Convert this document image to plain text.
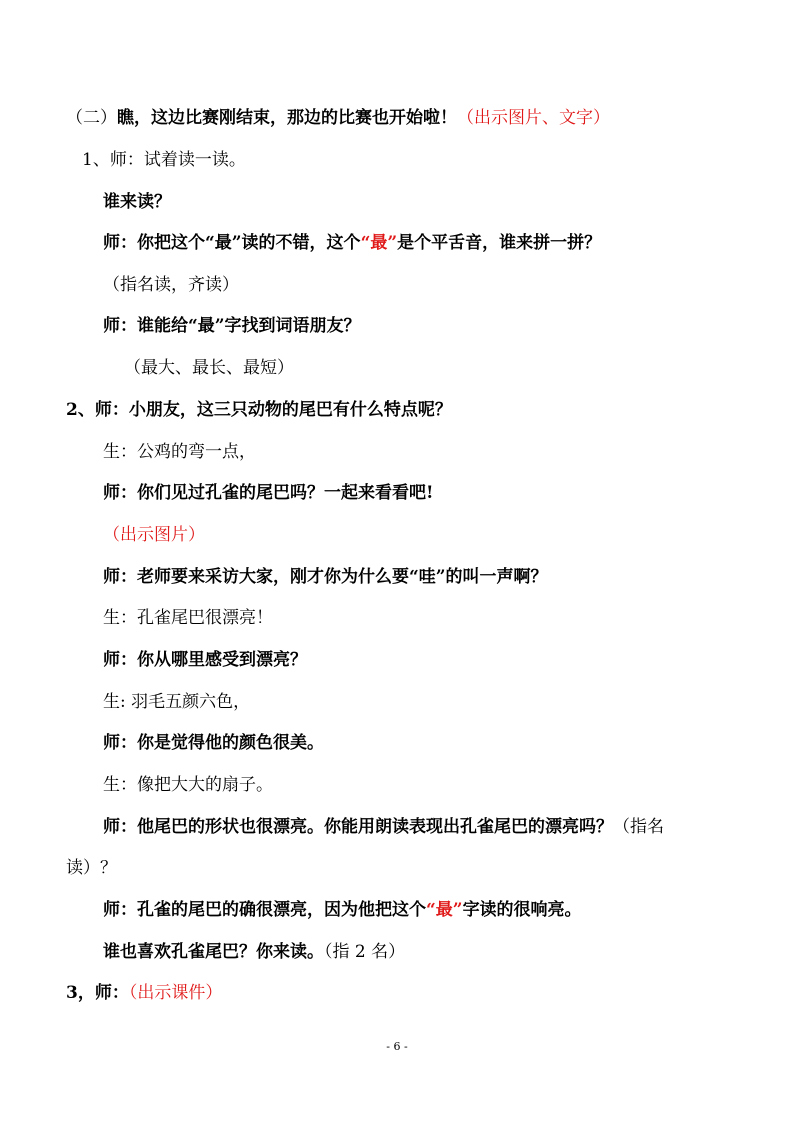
（二）瞧，这边比赛刚结束，那边的比赛也开始啦！（出示图片、文字）
1、师：试着读一读。
谁来读？
师：你把这个“最”读的不错，这个“最”是个平舌音，谁来拼一拼？
（指名读，齐读）
师：谁能给“最”字找到词语朋友？
（最大、最长、最短）
2、师：小朋友，这三只动物的尾巴有什么特点呢？
生：公鸡的弯一点，
师：你们见过孔雀的尾巴吗？一起来看看吧!
（出示图片）
师：老师要来采访大家，刚才你为什么要“哇”的叫一声啊？
生：孔雀尾巴很漂亮！
师：你从哪里感受到漂亮？
生: 羽毛五颜六色，
师：你是觉得他的颜色很美。
生：像把大大的扇子。
师：他尾巴的形状也很漂亮。你能用朗读表现出孔雀尾巴的漂亮吗？（指名
读）？
师：孔雀的尾巴的确很漂亮，因为他把这个“最”字读的很响亮。
谁也喜欢孔雀尾巴？你来读。（指 2 名）
3，师：（出示课件）
- 6 -
